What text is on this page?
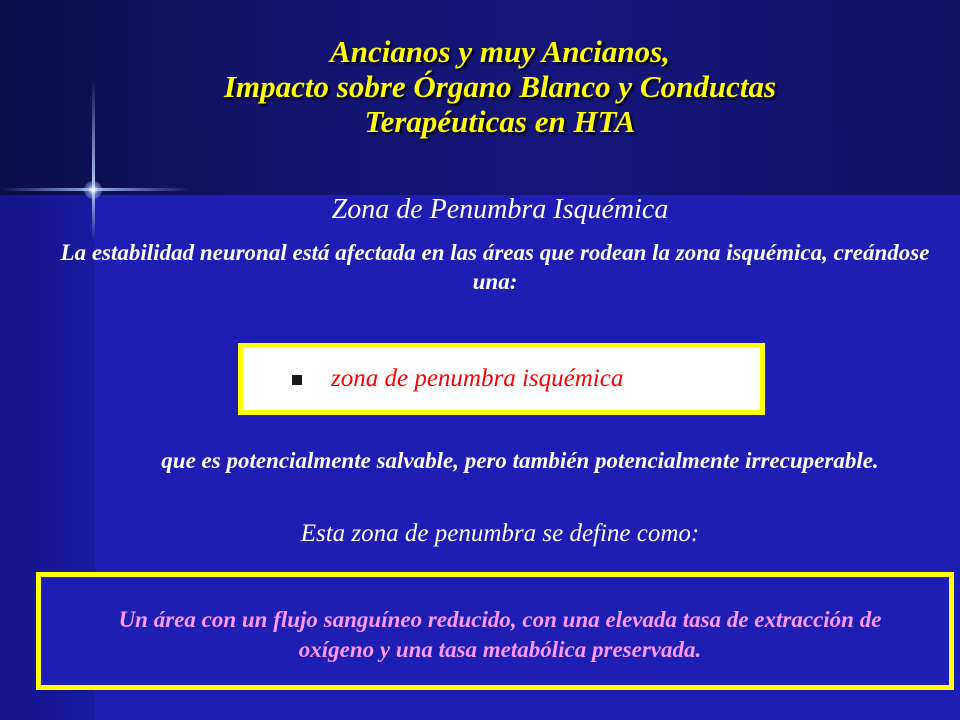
Ancianos y muy Ancianos,
Impacto sobre Órgano Blanco y Conductas
Terapéuticas en HTA
Zona de Penumbra Isquémica
La estabilidad neuronal está afectada en las áreas que rodean la zona isquémica, creándose una:
zona de penumbra isquémica
que es potencialmente salvable, pero también potencialmente irrecuperable.
Esta zona de penumbra se define como:
Un área con un flujo sanguíneo reducido, con una elevada tasa de extracción de oxígeno y una tasa metabólica preservada.
